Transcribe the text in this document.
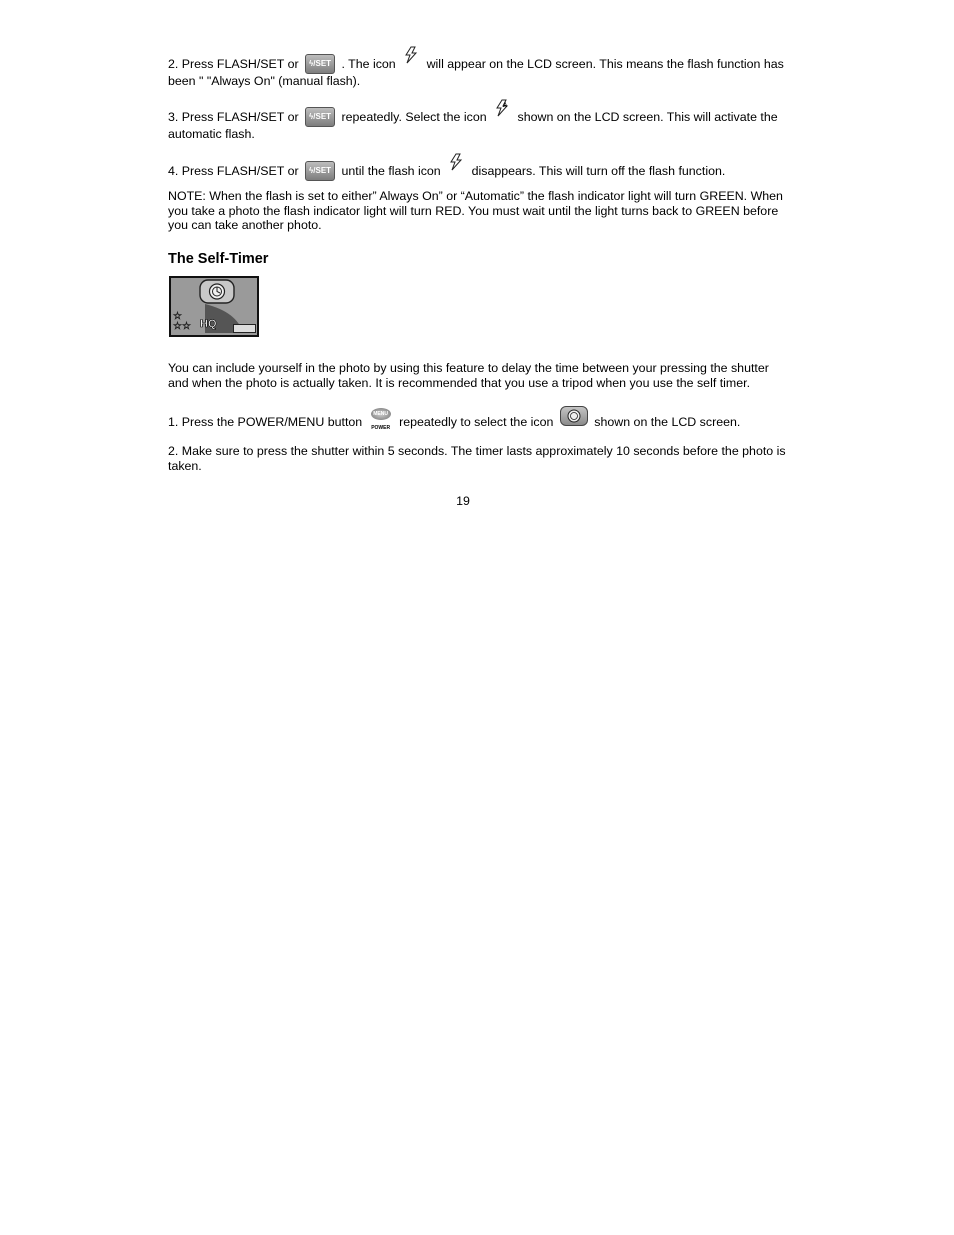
2. Press FLASH/SET or ϟ/SET . The icon will appear on the LCD screen. This means the flash function has been " "Always On" (manual flash).
3. Press FLASH/SET or ϟ/SET repeatedly. Select the icon
A
shown on the LCD screen. This will activate the automatic flash.
4. Press FLASH/SET or ϟ/SET until the flash icon disappears. This will turn off the flash function.
NOTE: When the flash is set to either” Always On” or “Automatic” the flash indicator light will turn GREEN. When you take a photo the flash indicator light will turn RED. You must wait until the light turns back to GREEN before you can take another photo.
The Self-Timer
☆
☆☆ HQ
You can include yourself in the photo by using this feature to delay the time between your pressing the shutter and when the photo is actually taken. It is recommended that you use a tripod when you use the self timer.
1. Press the POWER/MENU button
MENU
POWER repeatedly to select the icon	shown on the LCD screen.
2. Make sure to press the shutter within 5 seconds. The timer lasts approximately 10 seconds before the photo is taken.
19
